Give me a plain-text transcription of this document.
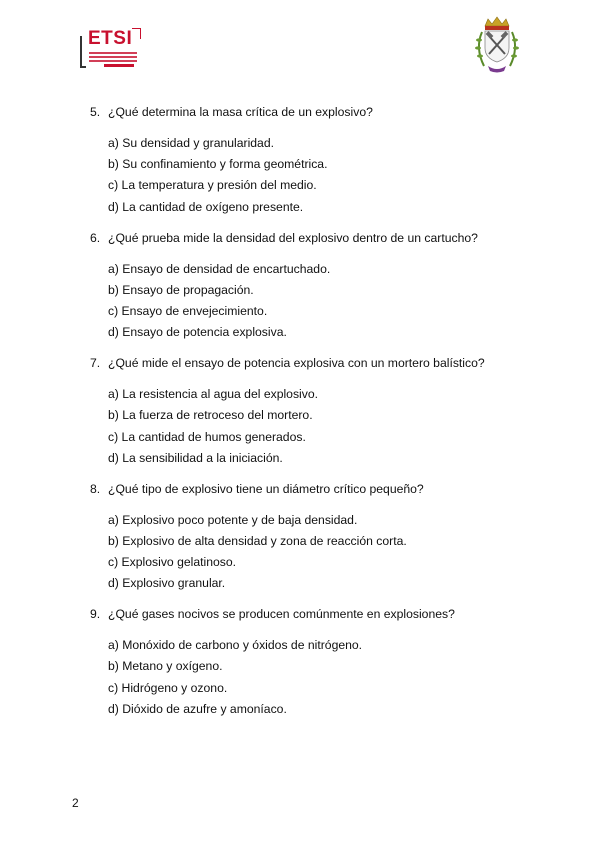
ETSI
5. ¿Qué determina la masa crítica de un explosivo?
a) Su densidad y granularidad.
b) Su confinamiento y forma geométrica.
c) La temperatura y presión del medio.
d) La cantidad de oxígeno presente.
6. ¿Qué prueba mide la densidad del explosivo dentro de un cartucho?
a) Ensayo de densidad de encartuchado.
b) Ensayo de propagación.
c) Ensayo de envejecimiento.
d) Ensayo de potencia explosiva.
7. ¿Qué mide el ensayo de potencia explosiva con un mortero balístico?
a) La resistencia al agua del explosivo.
b) La fuerza de retroceso del mortero.
c) La cantidad de humos generados.
d) La sensibilidad a la iniciación.
8. ¿Qué tipo de explosivo tiene un diámetro crítico pequeño?
a) Explosivo poco potente y de baja densidad.
b) Explosivo de alta densidad y zona de reacción corta.
c) Explosivo gelatinoso.
d) Explosivo granular.
9. ¿Qué gases nocivos se producen comúnmente en explosiones?
a) Monóxido de carbono y óxidos de nitrógeno.
b) Metano y oxígeno.
c) Hidrógeno y ozono.
d) Dióxido de azufre y amoníaco.
2
